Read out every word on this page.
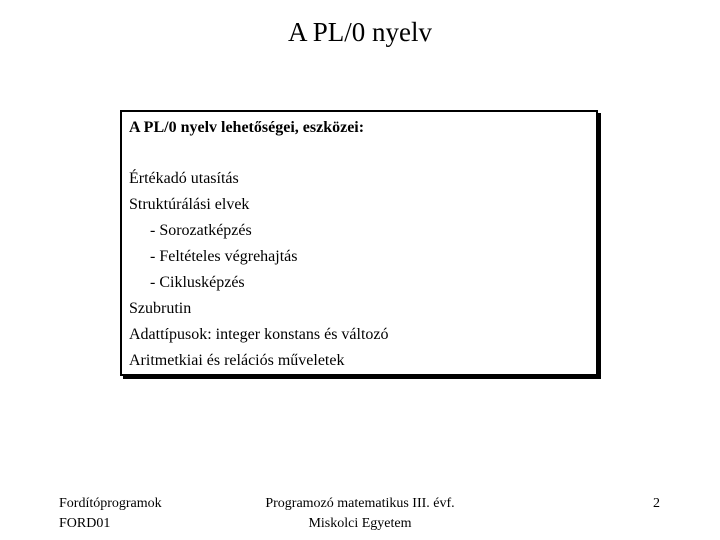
A PL/0 nyelv
A PL/0 nyelv lehetőségei, eszközei:
Értékadó utasítás
Struktúrálási elvek
- Sorozatképzés
- Feltételes végrehajtás
- Ciklusképzés
Szubrutin
Adattípusok: integer konstans és változó
Aritmetkiai és relációs műveletek
Fordítóprogramok
FORD01
Programozó matematikus III. évf.
Miskolci Egyetem
2
